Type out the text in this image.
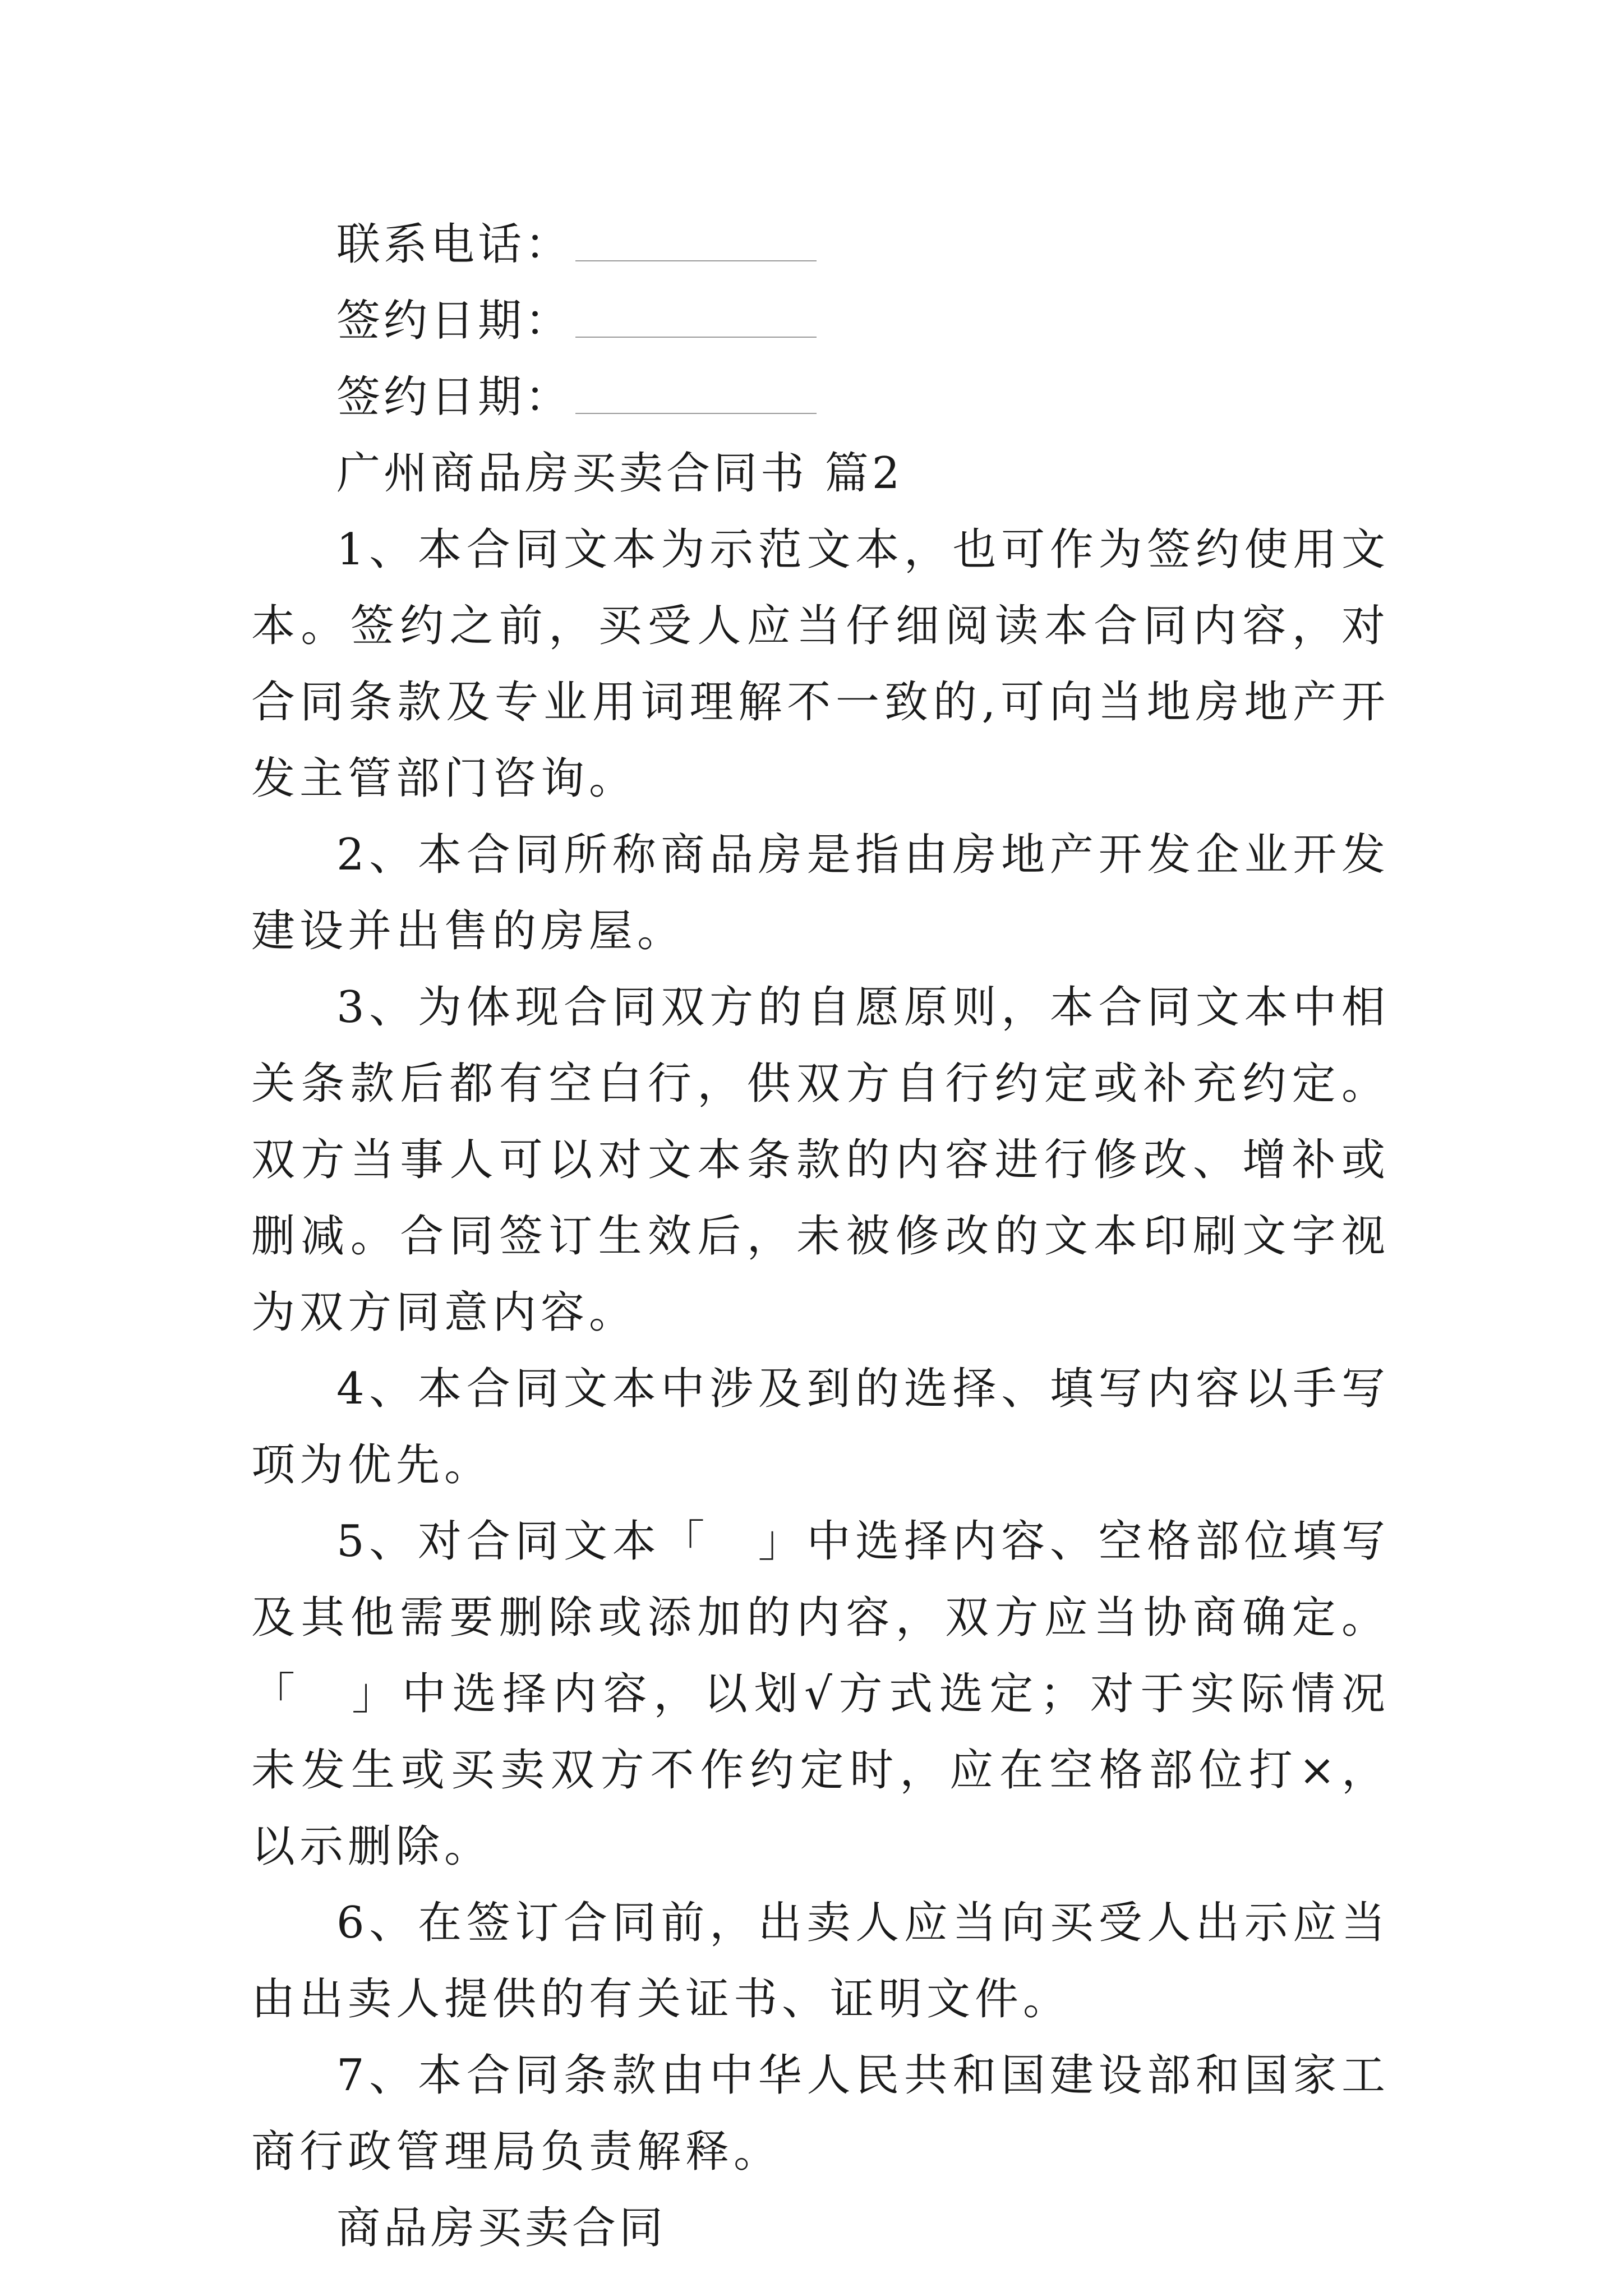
联系电话：
签约日期：
签约日期：
广州商品房买卖合同书 篇2
1、本合同文本为示范文本，也可作为签约使用文本。签约之前，买受人应当仔细阅读本合同内容，对合同条款及专业用词理解不一致的,可向当地房地产开发主管部门咨询。
2、本合同所称商品房是指由房地产开发企业开发建设并出售的房屋。
3、为体现合同双方的自愿原则，本合同文本中相关条款后都有空白行，供双方自行约定或补充约定。双方当事人可以对文本条款的内容进行修改、增补或删减。合同签订生效后，未被修改的文本印刷文字视为双方同意内容。
4、本合同文本中涉及到的选择、填写内容以手写项为优先。
5、对合同文本「　」中选择内容、空格部位填写及其他需要删除或添加的内容，双方应当协商确定。「　」中选择内容，以划√方式选定；对于实际情况未发生或买卖双方不作约定时，应在空格部位打×，以示删除。
6、在签订合同前，出卖人应当向买受人出示应当由出卖人提供的有关证书、证明文件。
7、本合同条款由中华人民共和国建设部和国家工商行政管理局负责解释。
商品房买卖合同
